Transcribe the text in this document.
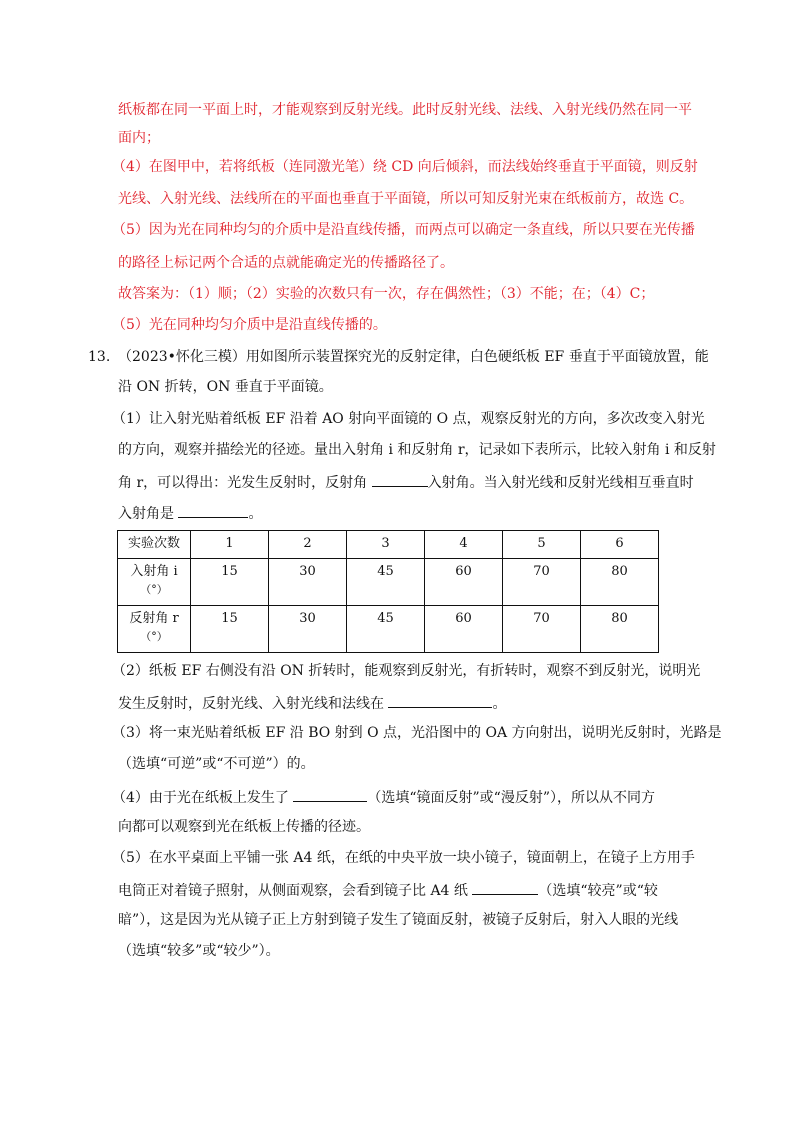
纸板都在同一平面上时，才能观察到反射光线。此时反射光线、法线、入射光线仍然在同一平
面内；
（4）在图甲中，若将纸板（连同激光笔）绕 CD 向后倾斜，而法线始终垂直于平面镜，则反射
光线、入射光线、法线所在的平面也垂直于平面镜，所以可知反射光束在纸板前方，故选 C。
（5）因为光在同种均匀的介质中是沿直线传播，而两点可以确定一条直线，所以只要在光传播
的路径上标记两个合适的点就能确定光的传播路径了。
故答案为：（1）顺；（2）实验的次数只有一次，存在偶然性；（3）不能；在；（4）C；
（5）光在同种均匀介质中是沿直线传播的。
13. （2023•怀化三模）用如图所示装置探究光的反射定律，白色硬纸板 EF 垂直于平面镜放置，能
沿 ON 折转，ON 垂直于平面镜。
（1）让入射光贴着纸板 EF 沿着 AO 射向平面镜的 O 点，观察反射光的方向，多次改变入射光
的方向，观察并描绘光的径迹。量出入射角 i 和反射角 r，记录如下表所示，比较入射角 i 和反射
角 r，可以得出：光发生反射时，反射角	入射角。当入射光线和反射光线相互垂直时
入射角是	。
实验次数	1	2	3	4	5	6

入射角 i
（°）	15	30	45	60	70	80

反射角 r
（°）	15	30	45	60	70	80
（2）纸板 EF 右侧没有沿 ON 折转时，能观察到反射光，有折转时，观察不到反射光，说明光
发生反射时，反射光线、入射光线和法线在	。
（3）将一束光贴着纸板 EF 沿 BO 射到 O 点，光沿图中的 OA 方向射出，说明光反射时，光路是
（选填“可逆”或“不可逆”）的。
（4）由于光在纸板上发生了	（选填“镜面反射”或“漫反射”），所以从不同方
向都可以观察到光在纸板上传播的径迹。
（5）在水平桌面上平铺一张 A4 纸，在纸的中央平放一块小镜子，镜面朝上，在镜子上方用手
电筒正对着镜子照射，从侧面观察，会看到镜子比 A4 纸	（选填“较亮”或“较
暗”），这是因为光从镜子正上方射到镜子发生了镜面反射，被镜子反射后，射入人眼的光线
（选填“较多”或“较少”）。
